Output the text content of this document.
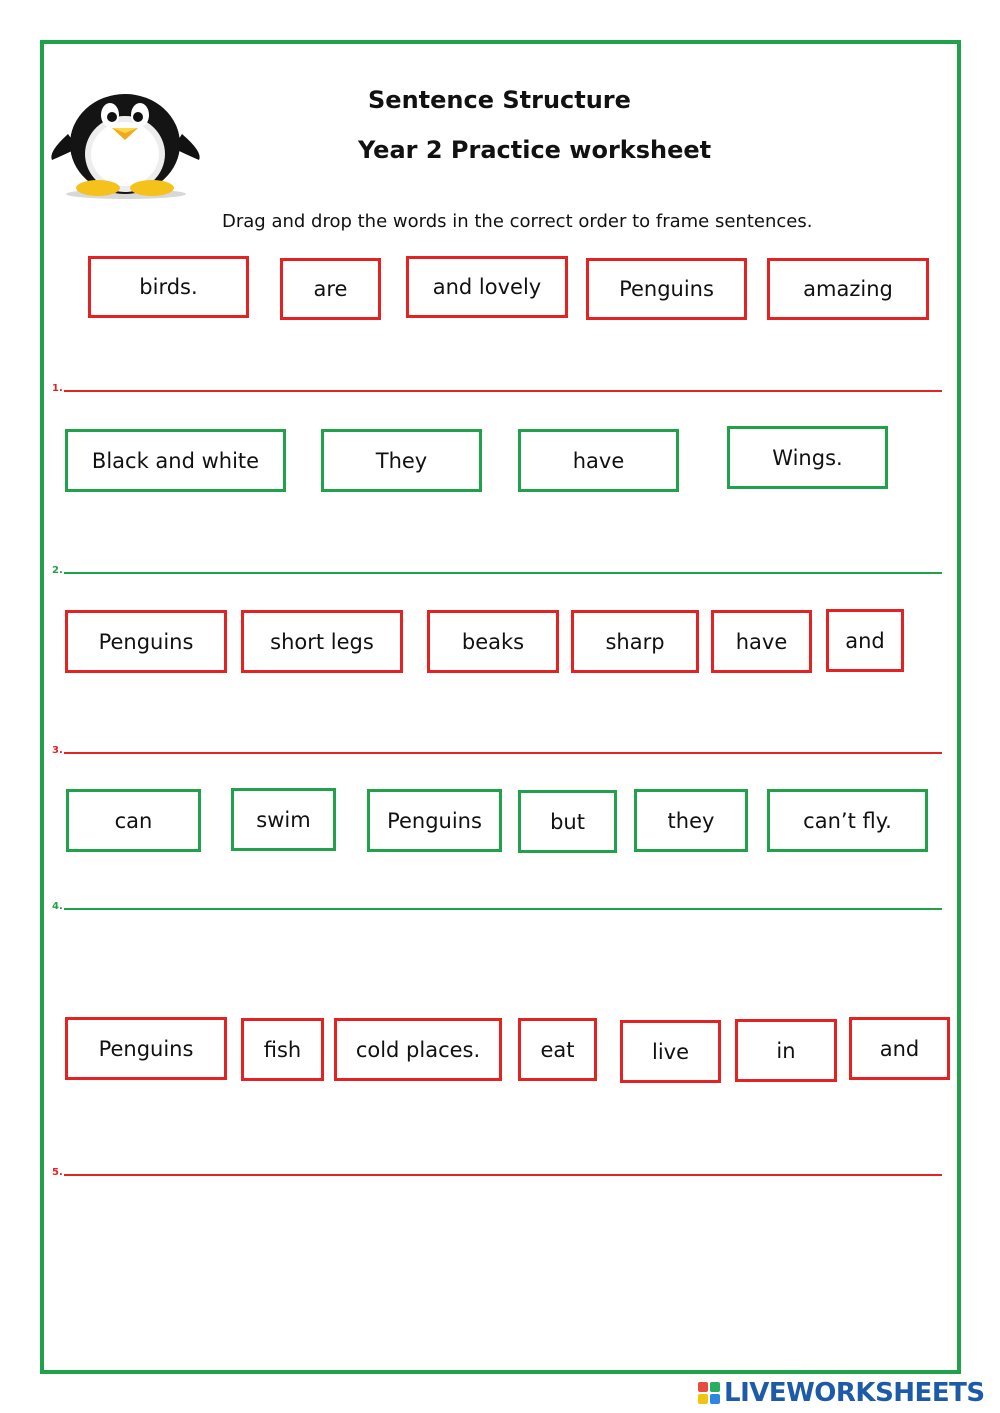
Sentence Structure
Year 2 Practice worksheet
Drag and drop the words in the correct order to frame sentences.
birds.	are	and lovely	Penguins	amazing
1.
Black and white	They	have	Wings.
2.
Penguins	short legs	beaks	sharp	have	and
3.
can	swim	Penguins	but	they	can’t fly.
4.
Penguins	fish	cold places.	eat	live	in	and
5.
LIVEWORKSHEETS
